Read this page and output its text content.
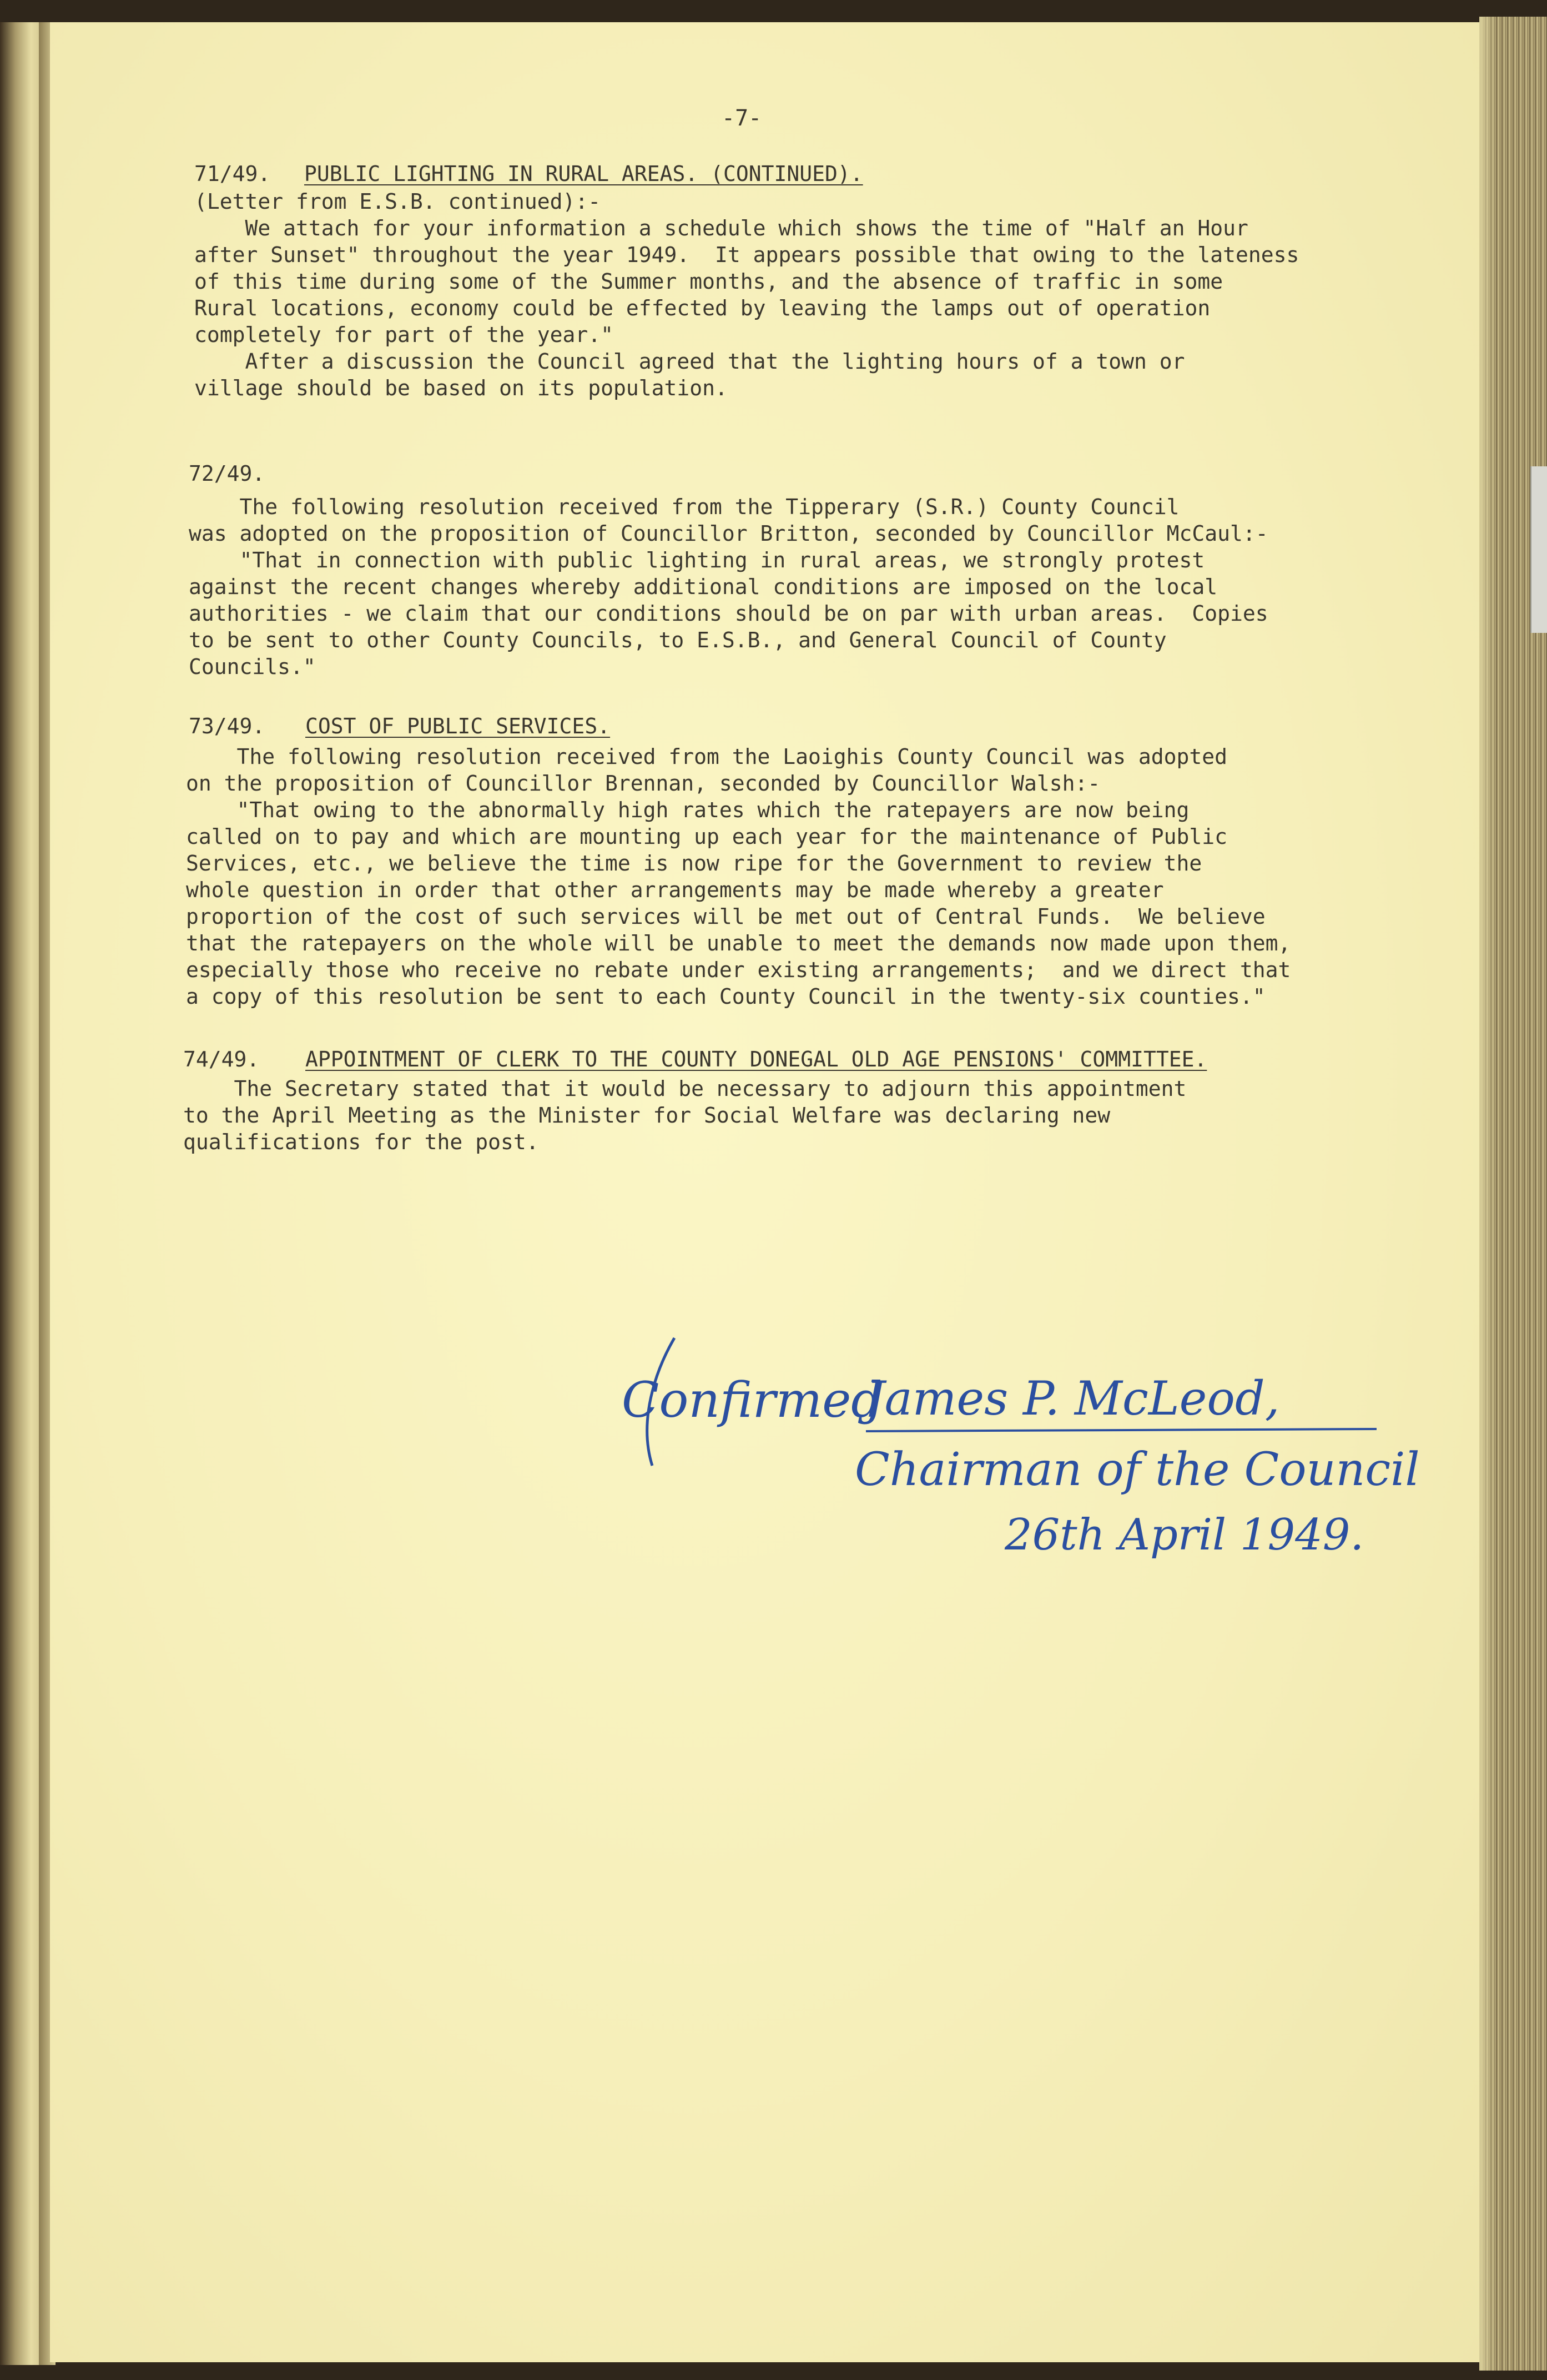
-7-

71/49.

PUBLIC LIGHTING IN RURAL AREAS. (CONTINUED).

(Letter from E.S.B. continued):-

We attach for your information a schedule which shows the time of "Half an Hour

after Sunset" throughout the year 1949.  It appears possible that owing to the lateness

of this time during some of the Summer months, and the absence of traffic in some

Rural locations, economy could be effected by leaving the lamps out of operation

completely for part of the year."

After a discussion the Council agreed that the lighting hours of a town or

village should be based on its population.

72/49.

The following resolution received from the Tipperary (S.R.) County Council

was adopted on the proposition of Councillor Britton, seconded by Councillor McCaul:-

"That in connection with public lighting in rural areas, we strongly protest

against the recent changes whereby additional conditions are imposed on the local

authorities - we claim that our conditions should be on par with urban areas.  Copies

to be sent to other County Councils, to E.S.B., and General Council of County

Councils."

73/49.

COST OF PUBLIC SERVICES.

The following resolution received from the Laoighis County Council was adopted

on the proposition of Councillor Brennan, seconded by Councillor Walsh:-

"That owing to the abnormally high rates which the ratepayers are now being

called on to pay and which are mounting up each year for the maintenance of Public

Services, etc., we believe the time is now ripe for the Government to review the

whole question in order that other arrangements may be made whereby a greater

proportion of the cost of such services will be met out of Central Funds.  We believe

that the ratepayers on the whole will be unable to meet the demands now made upon them,

especially those who receive no rebate under existing arrangements;  and we direct that

a copy of this resolution be sent to each County Council in the twenty-six counties."

74/49.

APPOINTMENT OF CLERK TO THE COUNTY DONEGAL OLD AGE PENSIONS' COMMITTEE.

The Secretary stated that it would be necessary to adjourn this appointment

to the April Meeting as the Minister for Social Welfare was declaring new

qualifications for the post.

Confirmed
James P. McLeod,
Chairman of the Council
26th April 1949.
